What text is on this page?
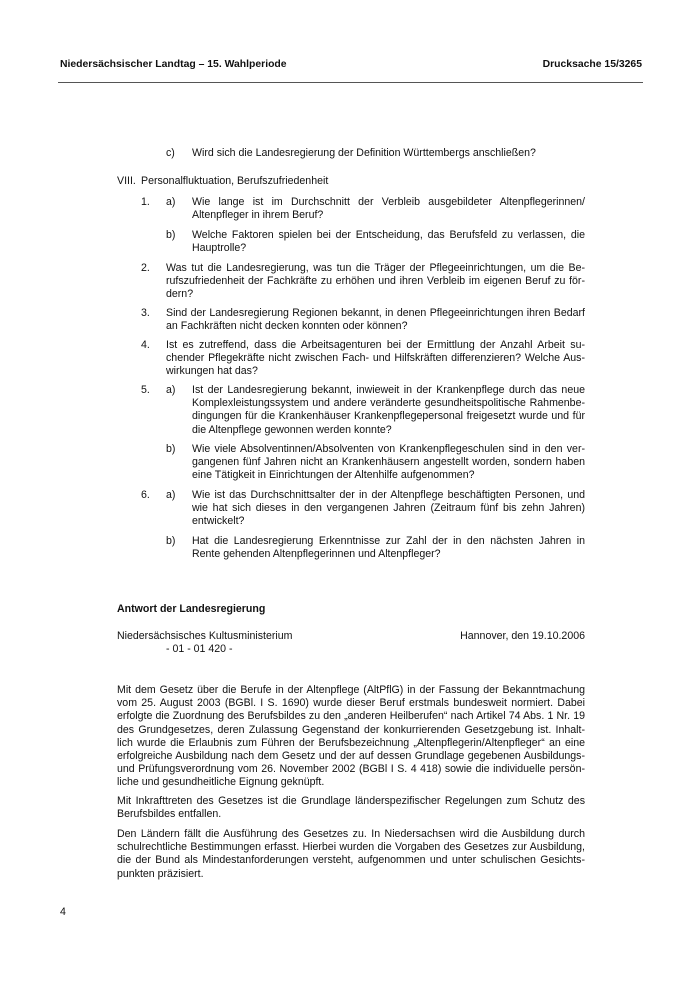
Niedersächsischer Landtag – 15. Wahlperiode	Drucksache 15/3265
c) Wird sich die Landesregierung der Definition Württembergs anschließen?
VIII. Personalfluktuation, Berufszufriedenheit
1. a) Wie lange ist im Durchschnitt der Verbleib ausgebildeter Altenpflegerinnen/
Altenpfleger in ihrem Beruf?
b) Welche Faktoren spielen bei der Entscheidung, das Berufsfeld zu verlassen, die
Hauptrolle?
2. Was tut die Landesregierung, was tun die Träger der Pflegeeinrichtungen, um die Be-
rufszufriedenheit der Fachkräfte zu erhöhen und ihren Verbleib im eigenen Beruf zu för-
dern?
3. Sind der Landesregierung Regionen bekannt, in denen Pflegeeinrichtungen ihren Bedarf
an Fachkräften nicht decken konnten oder können?
4. Ist es zutreffend, dass die Arbeitsagenturen bei der Ermittlung der Anzahl Arbeit su-
chender Pflegekräfte nicht zwischen Fach- und Hilfskräften differenzieren? Welche Aus-
wirkungen hat das?
5. a) Ist der Landesregierung bekannt, inwieweit in der Krankenpflege durch das neue
Komplexleistungssystem und andere veränderte gesundheitspolitische Rahmenbe-
dingungen für die Krankenhäuser Krankenpflegepersonal freigesetzt wurde und für
die Altenpflege gewonnen werden konnte?
b) Wie viele Absolventinnen/Absolventen von Krankenpflegeschulen sind in den ver-
gangenen fünf Jahren nicht an Krankenhäusern angestellt worden, sondern haben
eine Tätigkeit in Einrichtungen der Altenhilfe aufgenommen?
6. a) Wie ist das Durchschnittsalter der in der Altenpflege beschäftigten Personen, und
wie hat sich dieses in den vergangenen Jahren (Zeitraum fünf bis zehn Jahren)
entwickelt?
b) Hat die Landesregierung Erkenntnisse zur Zahl der in den nächsten Jahren in
Rente gehenden Altenpflegerinnen und Altenpfleger?
Antwort der Landesregierung
Niedersächsisches Kultusministerium
- 01 - 01 420 -
Hannover, den 19.10.2006
Mit dem Gesetz über die Berufe in der Altenpflege (AltPflG) in der Fassung der Bekanntmachung
vom 25. August 2003 (BGBl. I S. 1690) wurde dieser Beruf erstmals bundesweit normiert. Dabei
erfolgte die Zuordnung des Berufsbildes zu den „anderen Heilberufen“ nach Artikel 74 Abs. 1 Nr. 19
des Grundgesetzes, deren Zulassung Gegenstand der konkurrierenden Gesetzgebung ist. Inhalt-
lich wurde die Erlaubnis zum Führen der Berufsbezeichnung „Altenpflegerin/Altenpfleger“ an eine
erfolgreiche Ausbildung nach dem Gesetz und der auf dessen Grundlage gegebenen Ausbildungs-
und Prüfungsverordnung vom 26. November 2002 (BGBl I S. 4 418) sowie die individuelle persön-
liche und gesundheitliche Eignung geknüpft.
Mit Inkrafttreten des Gesetzes ist die Grundlage länderspezifischer Regelungen zum Schutz des
Berufsbildes entfallen.
Den Ländern fällt die Ausführung des Gesetzes zu. In Niedersachsen wird die Ausbildung durch
schulrechtliche Bestimmungen erfasst. Hierbei wurden die Vorgaben des Gesetzes zur Ausbildung,
die der Bund als Mindestanforderungen versteht, aufgenommen und unter schulischen Gesichts-
punkten präzisiert.
4
